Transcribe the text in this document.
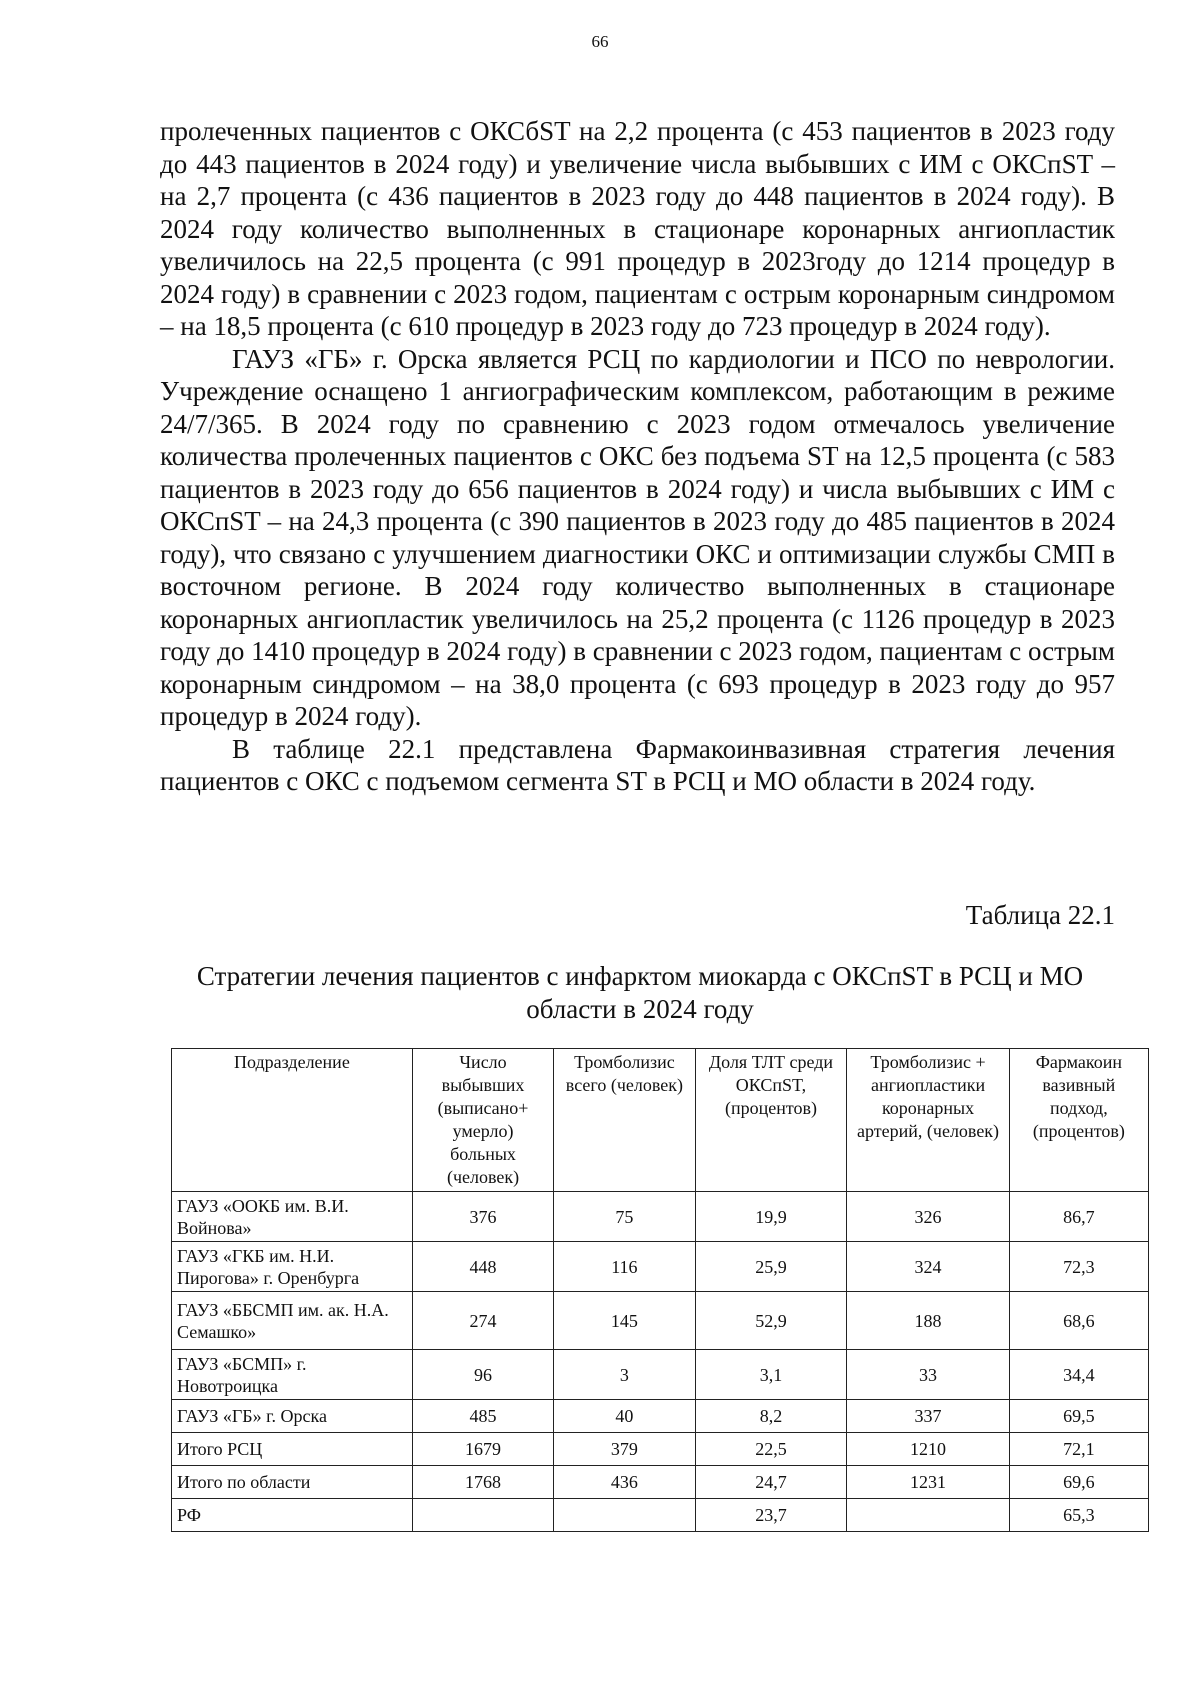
66

пролеченных пациентов с ОКСбST на 2,2 процента (с 453 пациентов в 2023 году до 443 пациентов в 2024 году) и увеличение числа выбывших с ИМ с ОКСпST – на 2,7 процента (с 436 пациентов в 2023 году до 448 пациентов в 2024 году). В 2024 году количество выполненных в стационаре коронарных ангиопластик увеличилось на 22,5 процента (с 991 процедур в 2023году до 1214 процедур в 2024 году) в сравнении с 2023 годом, пациентам с острым коронарным синдромом – на 18,5 процента (с 610 процедур в 2023 году до 723 процедур в 2024 году).

ГАУЗ «ГБ» г. Орска является РСЦ по кардиологии и ПСО по неврологии. Учреждение оснащено 1 ангиографическим комплексом, работающим в режиме 24/7/365. В 2024 году по сравнению с 2023 годом отмечалось увеличение количества пролеченных пациентов с ОКС без подъема ST на 12,5 процента (с 583 пациентов в 2023 году до 656 пациентов в 2024 году) и числа выбывших с ИМ с ОКСпST – на 24,3 процента (с 390 пациентов в 2023 году до 485 пациентов в 2024 году), что связано с улучшением диагностики ОКС и оптимизации службы СМП в восточном регионе. В 2024 году количество выполненных в стационаре коронарных ангиопластик увеличилось на 25,2 процента (с 1126 процедур в 2023 году до 1410 процедур в 2024 году) в сравнении с 2023 годом, пациентам с острым коронарным синдромом – на 38,0 процента (с 693 процедур в 2023 году до 957 процедур в 2024 году).

В таблице 22.1 представлена Фармакоинвазивная стратегия лечения пациентов с ОКС с подъемом сегмента ST в РСЦ и МО области в 2024 году.

Таблица 22.1
Стратегии лечения пациентов с инфарктом миокарда с ОКСпST в РСЦ и МО области в 2024 году
Подразделение	Число выбывших (выписано+ умерло) больных (человек)	Тромболизис всего (человек)	Доля ТЛТ среди ОКСпST, (процентов)	Тромболизис + ангиопластики коронарных артерий, (человек)	Фармакоин вазивный подход, (процентов)
ГАУЗ «ООКБ им. В.И. Войнова»	376	75	19,9	326	86,7
ГАУЗ «ГКБ им. Н.И. Пирогова» г. Оренбурга	448	116	25,9	324	72,3
ГАУЗ «ББСМП им. ак. Н.А. Семашко»	274	145	52,9	188	68,6
ГАУЗ «БСМП» г. Новотроицка	96	3	3,1	33	34,4
ГАУЗ «ГБ» г. Орска	485	40	8,2	337	69,5
Итого РСЦ	1679	379	22,5	1210	72,1
Итого по области	1768	436	24,7	1231	69,6
РФ			23,7		65,3
